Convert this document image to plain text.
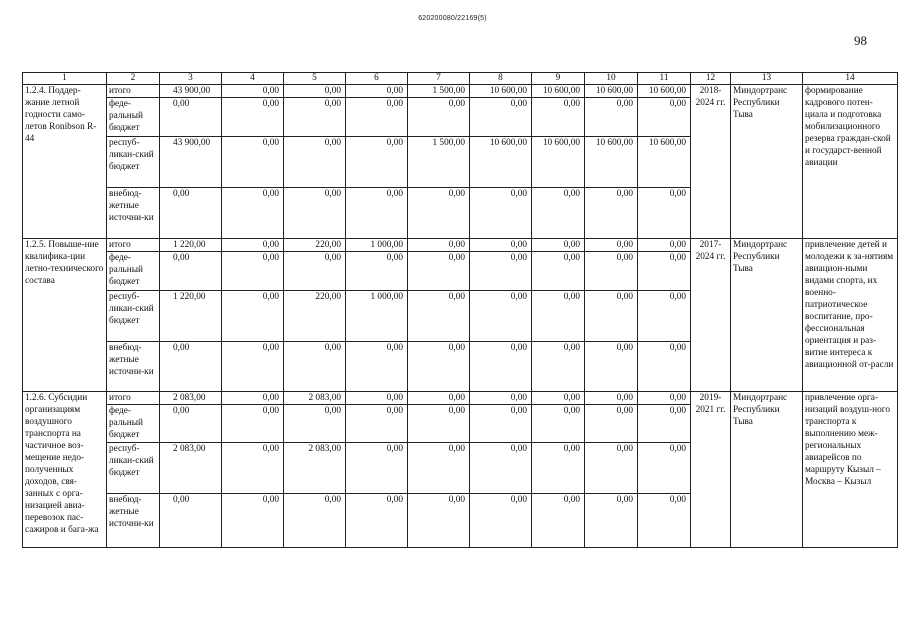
620200080/22169(5)
98
1	2	3	4	5	6	7	8	9	10	11	12	13	14
1.2.4. Поддер-жание летной годности само-летов Ronibson R-44	итого	43 900,00	0,00	0,00	0,00	1 500,00	10 600,00	10 600,00	10 600,00	10 600,00	2018-2024 гг.	Миндортранс Республики Тыва	формирование кадрового потен-циала и подготовка мобилизационного резерва граждан-ской и государст-венной авиации
	феде-ральный бюджет	0,00	0,00	0,00	0,00	0,00	0,00	0,00	0,00	0,00			
	респуб-ликан-ский бюджет	43 900,00	0,00	0,00	0,00	1 500,00	10 600,00	10 600,00	10 600,00	10 600,00			
	внебюд-жетные источни-ки	0,00	0,00	0,00	0,00	0,00	0,00	0,00	0,00	0,00			
1.2.5. Повыше-ние квалифика-ции летно-технического состава	итого	1 220,00	0,00	220,00	1 000,00	0,00	0,00	0,00	0,00	0,00	2017-2024 гг.	Миндортранс Республики Тыва	привлечение детей и молодежи к за-нятиям авиацион-ными видами спорта, их военно-патриотическое воспитание, про-фессиональная ориентация и раз-витие интереса к авиационной от-расли
	феде-ральный бюджет	0,00	0,00	0,00	0,00	0,00	0,00	0,00	0,00	0,00			
	респуб-ликан-ский бюджет	1 220,00	0,00	220,00	1 000,00	0,00	0,00	0,00	0,00	0,00			
	внебюд-жетные источни-ки	0,00	0,00	0,00	0,00	0,00	0,00	0,00	0,00	0,00			
1.2.6. Субсидии организациям воздушного транспорта на частичное воз-мещение недо-полученных доходов, свя-занных с орга-низацией авиа-перевозок пас-сажиров и бага-жа	итого	2 083,00	0,00	2 083,00	0,00	0,00	0,00	0,00	0,00	0,00	2019-2021 гг.	Миндортранс Республики Тыва	привлечение орга-низаций воздуш-ного транспорта к выполнению меж-региональных авиарейсов по маршруту Кызыл – Москва – Кызыл
	феде-ральный бюджет	0,00	0,00	0,00	0,00	0,00	0,00	0,00	0,00	0,00			
	респуб-ликан-ский бюджет	2 083,00	0,00	2 083,00	0,00	0,00	0,00	0,00	0,00	0,00			
	внебюд-жетные источни-ки	0,00	0,00	0,00	0,00	0,00	0,00	0,00	0,00	0,00			
